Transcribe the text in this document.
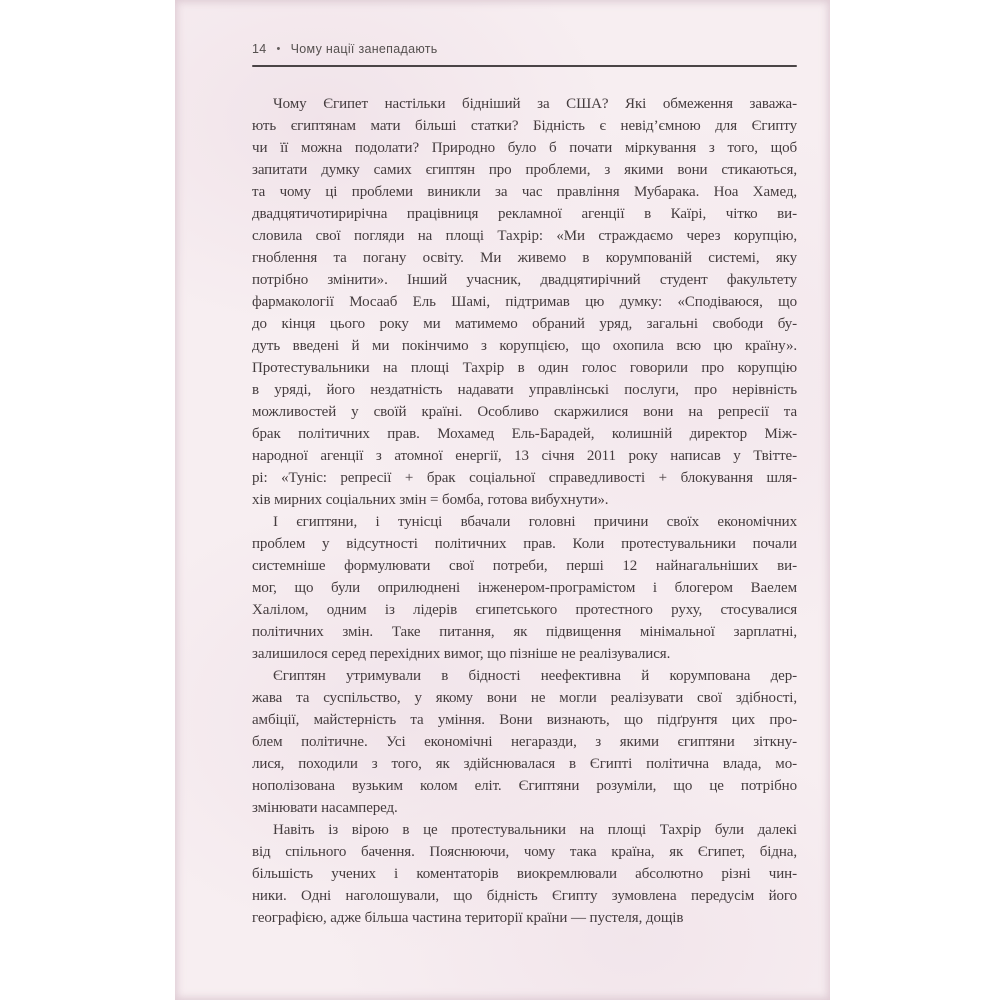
14 • Чому нації занепадають
Чому Єгипет настільки бідніший за США? Які обмеження заважа-
ють єгиптянам мати більші статки? Бідність є невід’ємною для Єгипту
чи її можна подолати? Природно було б почати міркування з того, щоб
запитати думку самих єгиптян про проблеми, з якими вони стикаються,
та чому ці проблеми виникли за час правління Мубарака. Ноа Хамед,
двадцятичотирирічна працівниця рекламної агенції в Каїрі, чітко ви-
словила свої погляди на площі Тахрір: «Ми страждаємо через корупцію,
гноблення та погану освіту. Ми живемо в корумпованій системі, яку
потрібно змінити». Інший учасник, двадцятирічний студент факультету
фармакології Мосааб Ель Шамі, підтримав цю думку: «Сподіваюся, що
до кінця цього року ми матимемо обраний уряд, загальні свободи бу-
дуть введені й ми покінчимо з корупцією, що охопила всю цю країну».
Протестувальники на площі Тахрір в один голос говорили про корупцію
в уряді, його нездатність надавати управлінські послуги, про нерівність
можливостей у своїй країні. Особливо скаржилися вони на репресії та
брак політичних прав. Мохамед Ель-Барадей, колишній директор Між-
народної агенції з атомної енергії, 13 січня 2011 року написав у Твітте-
рі: «Туніс: репресії + брак соціальної справедливості + блокування шля-
хів мирних соціальних змін = бомба, готова вибухнути».
І єгиптяни, і тунісці вбачали головні причини своїх економічних
проблем у відсутності політичних прав. Коли протестувальники почали
системніше формулювати свої потреби, перші 12 найнагальніших ви-
мог, що були оприлюднені інженером-програмістом і блогером Ваелем
Халілом, одним із лідерів єгипетського протестного руху, стосувалися
політичних змін. Таке питання, як підвищення мінімальної зарплатні,
залишилося серед перехідних вимог, що пізніше не реалізувалися.
Єгиптян утримували в бідності неефективна й корумпована дер-
жава та суспільство, у якому вони не могли реалізувати свої здібності,
амбіції, майстерність та уміння. Вони визнають, що підґрунтя цих про-
блем політичне. Усі економічні негаразди, з якими єгиптяни зіткну-
лися, походили з того, як здійснювалася в Єгипті політична влада, мо-
нополізована вузьким колом еліт. Єгиптяни розуміли, що це потрібно
змінювати насамперед.
Навіть із вірою в це протестувальники на площі Тахрір були далекі
від спільного бачення. Пояснюючи, чому така країна, як Єгипет, бідна,
більшість учених і коментаторів виокремлювали абсолютно різні чин-
ники. Одні наголошували, що бідність Єгипту зумовлена передусім його
географією, адже більша частина території країни — пустеля, дощів
